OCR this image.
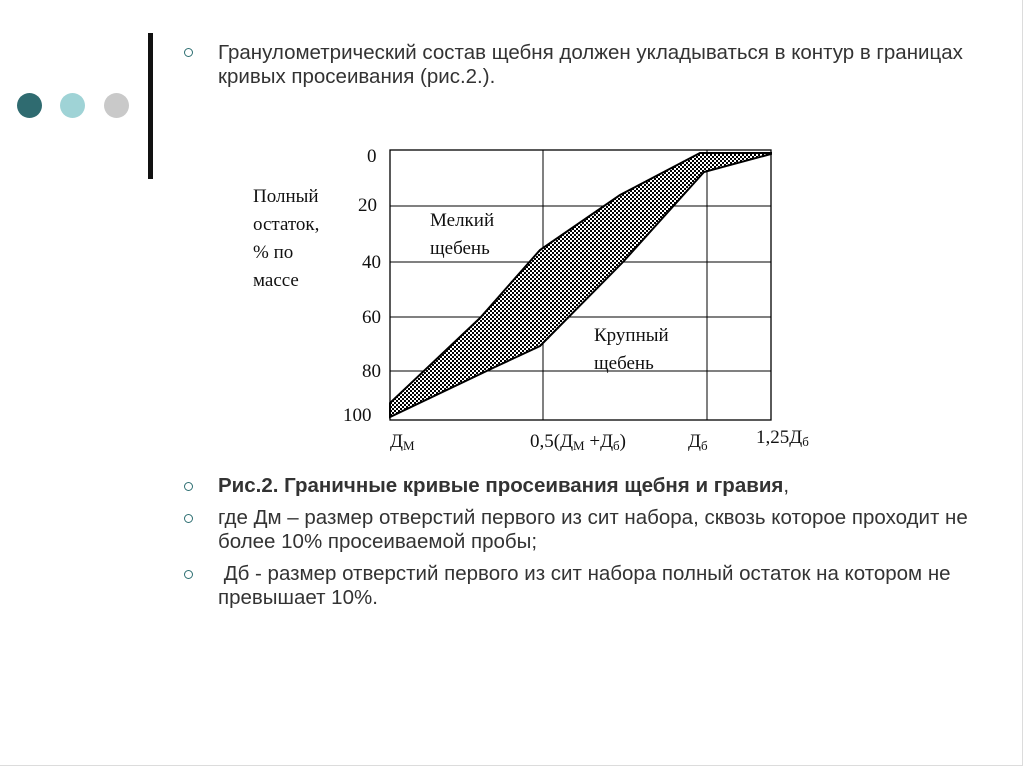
Гранулометрический состав щебня должен укладываться в контур в границах кривых просеивания (рис.2.).

0
20
40
60
80
100
Полный
остаток,
% по
массе
Мелкий
щебень
Крупный
щебень
ДМ	0,5(ДМ +Дб)	Дб	1,25Дб

Рис.2. Граничные кривые просеивания щебня и гравия,

где Дм – размер отверстий первого из сит набора, сквозь которое проходит не более 10% просеиваемой пробы;

Дб - размер отверстий первого из сит набора полный остаток на котором не превышает 10%.
